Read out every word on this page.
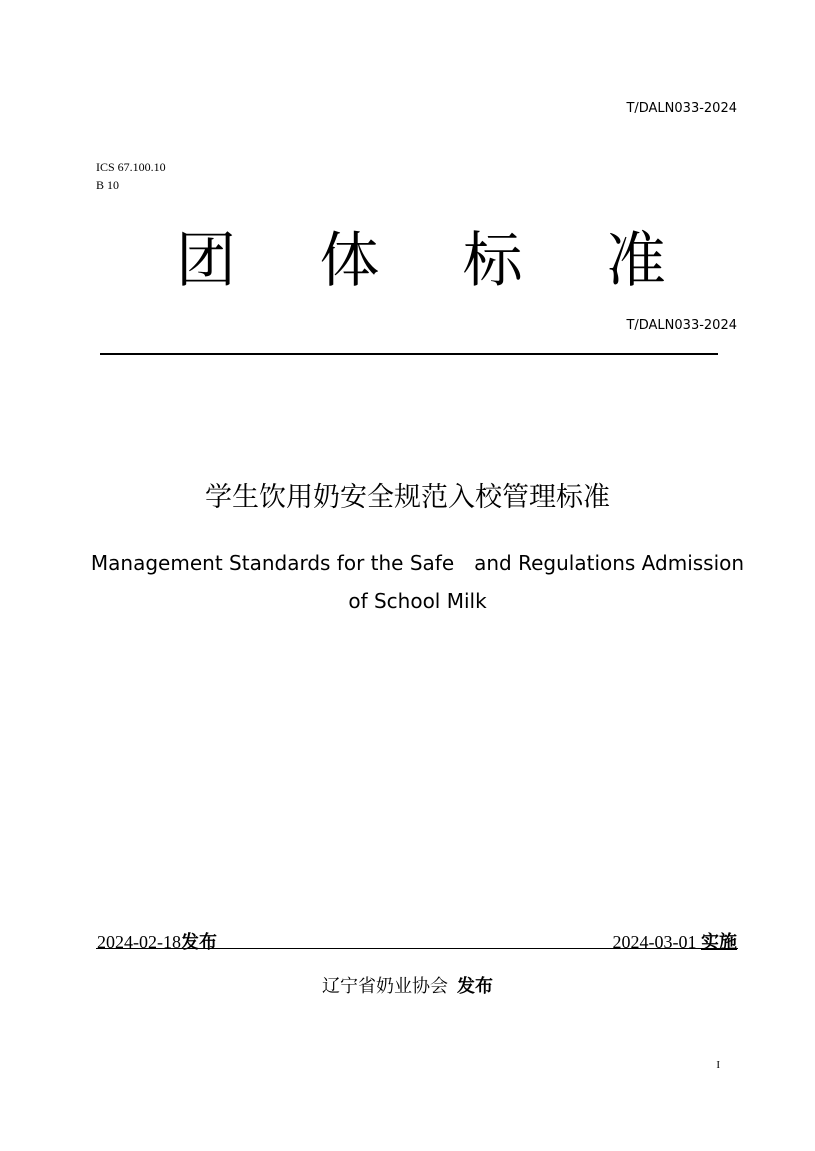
T/DALN033-2024
ICS 67.100.10
B 10
团 体 标 准
T/DALN033-2024
学生饮用奶安全规范入校管理标准
Management Standards for the Safe　and Regulations Admission
of School Milk
2024-02-18发布	2024-03-01 实施
辽宁省奶业协会 发布
I
